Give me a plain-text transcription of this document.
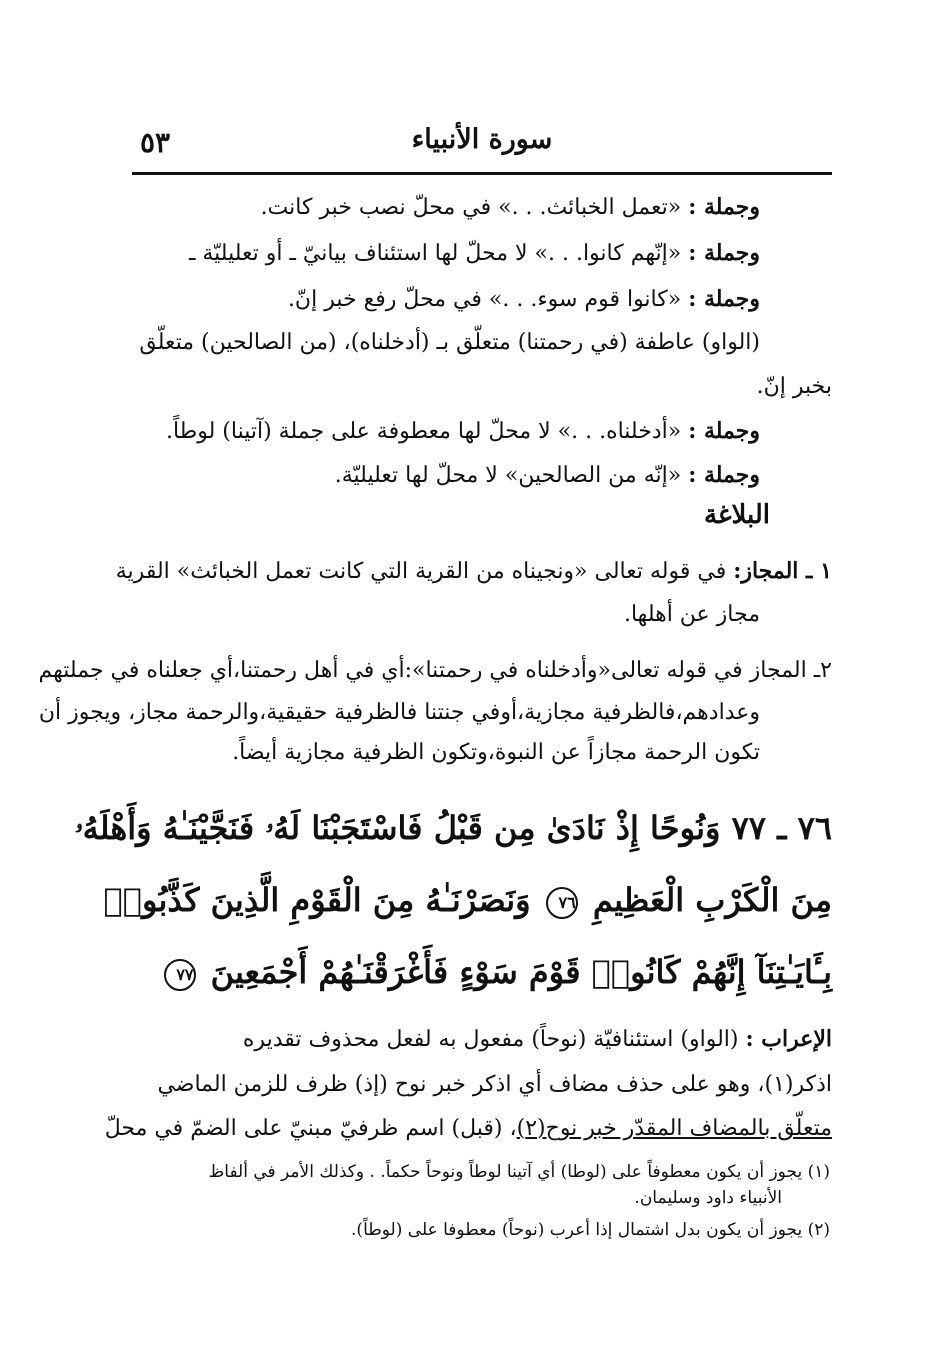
سورة الأنبياء
٥٣
وجملة : «تعمل الخبائث. . .» في محلّ نصب خبر كانت.
وجملة : «إنّهم كانوا. . .» لا محلّ لها استئناف بيانيّ ـ أو تعليليّة ـ
وجملة : «كانوا قوم سوء. . .» في محلّ رفع خبر إنّ.
(الواو) عاطفة (في رحمتنا) متعلّق بـ (أدخلناه)، (من الصالحين) متعلّق
بخبر إنّ.
وجملة : «أدخلناه. . .» لا محلّ لها معطوفة على جملة (آتينا) لوطاً.
وجملة : «إنّه من الصالحين» لا محلّ لها تعليليّة.
البلاغة
١ ـ المجاز: في قوله تعالى «ونجيناه من القرية التي كانت تعمل الخبائث» القرية
مجاز عن أهلها.
٢ـ المجاز في قوله تعالى«وأدخلناه في رحمتنا»:أي في أهل رحمتنا،أي جعلناه في جملتهم
وعدادهم،فالظرفية مجازية،أوفي جنتنا فالظرفية حقيقية،والرحمة مجاز، ويجوز أن
تكون الرحمة مجازاً عن النبوة،وتكون الظرفية مجازية أيضاً.
٧٦ ـ ٧٧ وَنُوحًا إِذْ نَادَىٰ مِن قَبْلُ فَاسْتَجَبْنَا لَهُۥ فَنَجَّيْنَـٰهُ وَأَهْلَهُۥ
مِنَ الْكَرْبِ الْعَظِيمِ ٧٦ وَنَصَرْنَـٰهُ مِنَ الْقَوْمِ الَّذِينَ كَذَّبُوا۟
بِـَٔايَـٰتِنَآ إِنَّهُمْ كَانُوا۟ قَوْمَ سَوْءٍ فَأَغْرَقْنَـٰهُمْ أَجْمَعِينَ ٧٧
الإعراب : (الواو) استئنافيّة (نوحاً) مفعول به لفعل محذوف تقديره
اذكر(١)، وهو على حذف مضاف أي اذكر خبر نوح (إذ) ظرف للزمن الماضي
متعلّق بالمضاف المقدّر خبر نوح(٢)، (قبل) اسم ظرفيّ مبنيّ على الضمّ في محلّ
(١) يجوز أن يكون معطوفاً على (لوطا) أي آتينا لوطاً ونوحاً حكماً. . وكذلك الأمر في ألفاظ
الأنبياء داود وسليمان.
(٢) يجوز أن يكون بدل اشتمال إذا أعرب (نوحاً) معطوفا على (لوطاً).
